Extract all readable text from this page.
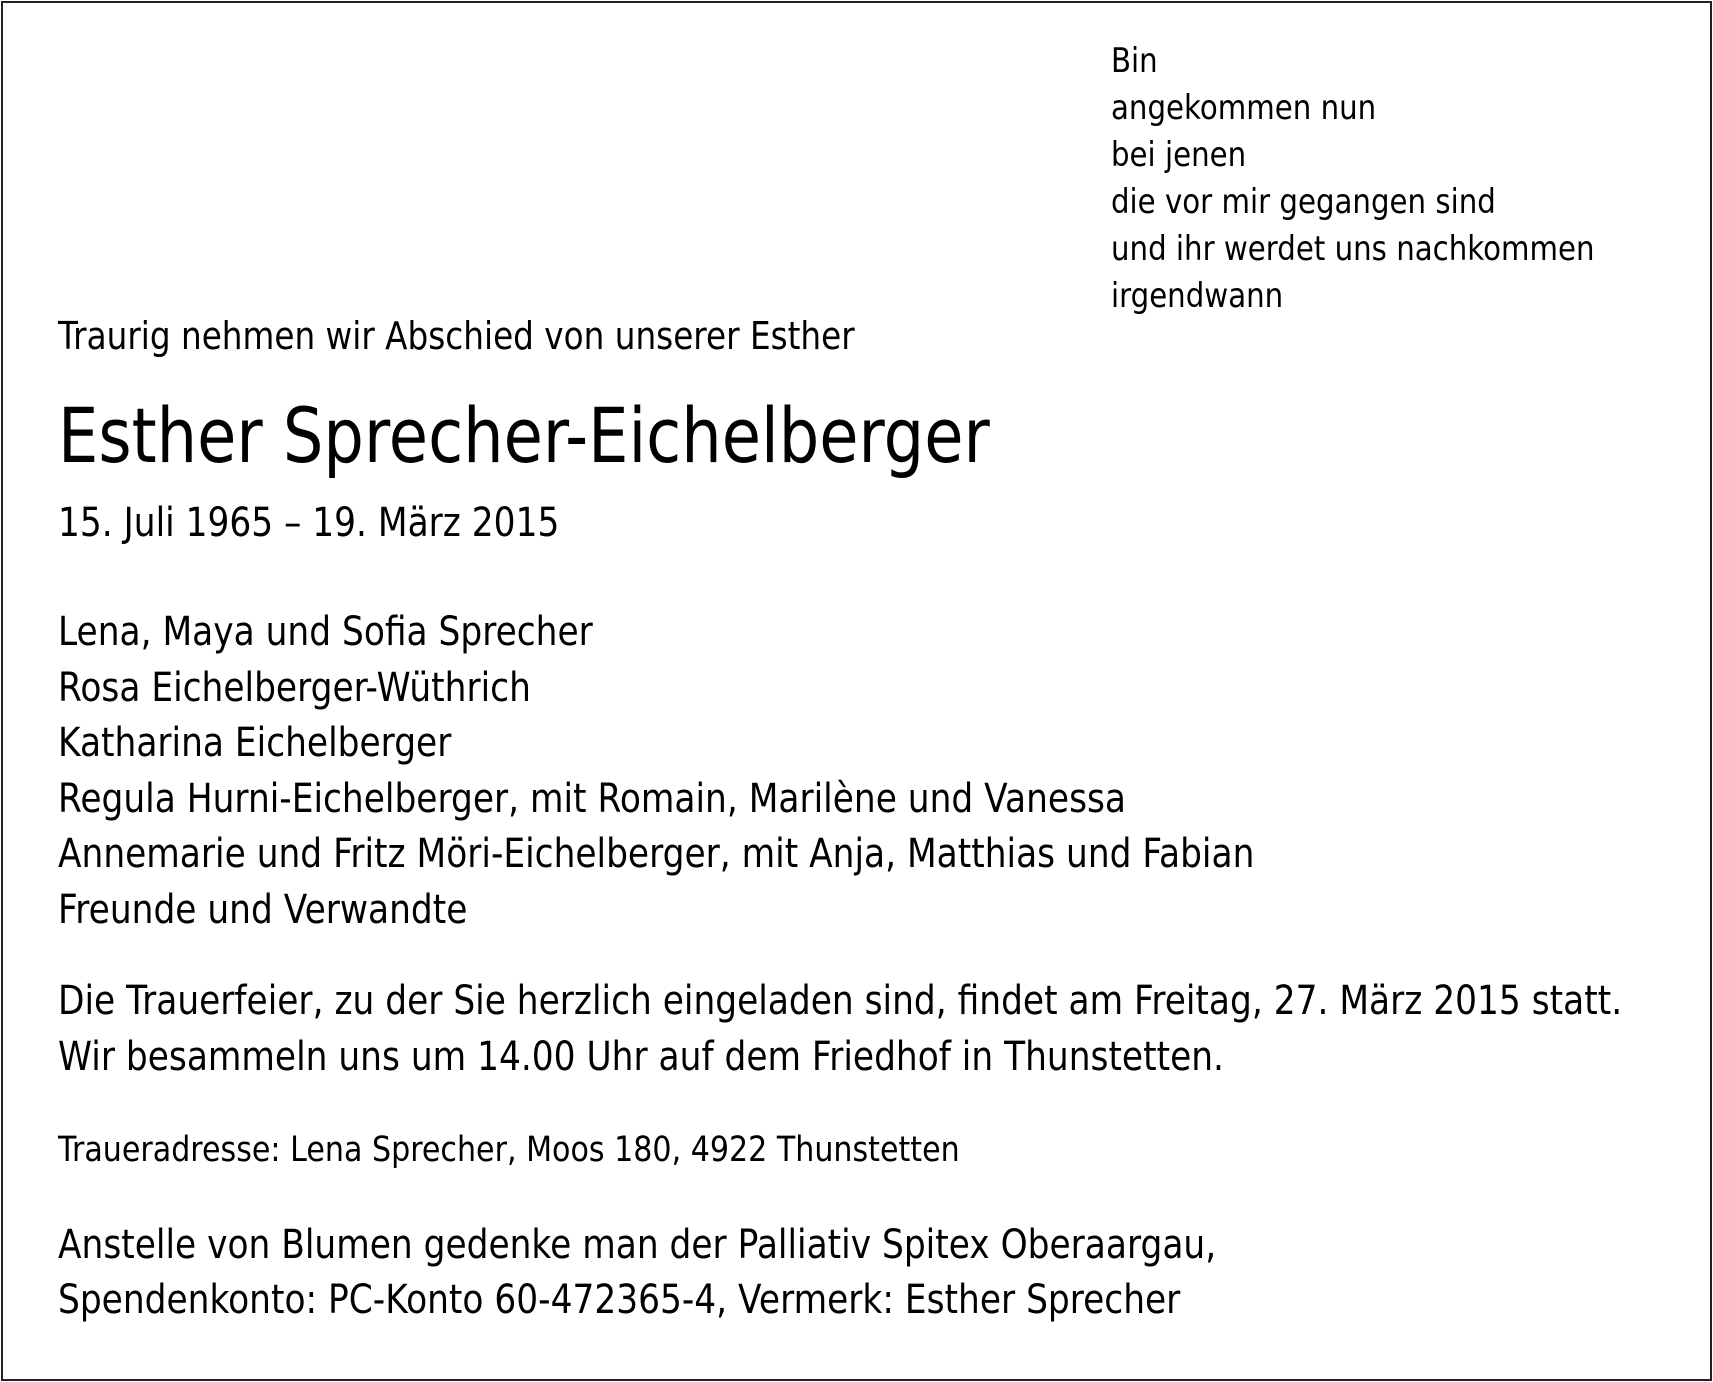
Bin
angekommen nun
bei jenen
die vor mir gegangen sind
und ihr werdet uns nachkommen
irgendwann
Traurig nehmen wir Abschied von unserer Esther
Esther Sprecher-Eichelberger
15. Juli 1965 – 19. März 2015
Lena, Maya und Sofia Sprecher
Rosa Eichelberger-Wüthrich
Katharina Eichelberger
Regula Hurni-Eichelberger, mit Romain, Marilène und Vanessa
Annemarie und Fritz Möri-Eichelberger, mit Anja, Matthias und Fabian
Freunde und Verwandte
Die Trauerfeier, zu der Sie herzlich eingeladen sind, findet am Freitag, 27. März 2015 statt.
Wir besammeln uns um 14.00 Uhr auf dem Friedhof in Thunstetten.
Traueradresse: Lena Sprecher, Moos 180, 4922 Thunstetten
Anstelle von Blumen gedenke man der Palliativ Spitex Oberaargau,
Spendenkonto: PC-Konto 60-472365-4, Vermerk: Esther Sprecher
